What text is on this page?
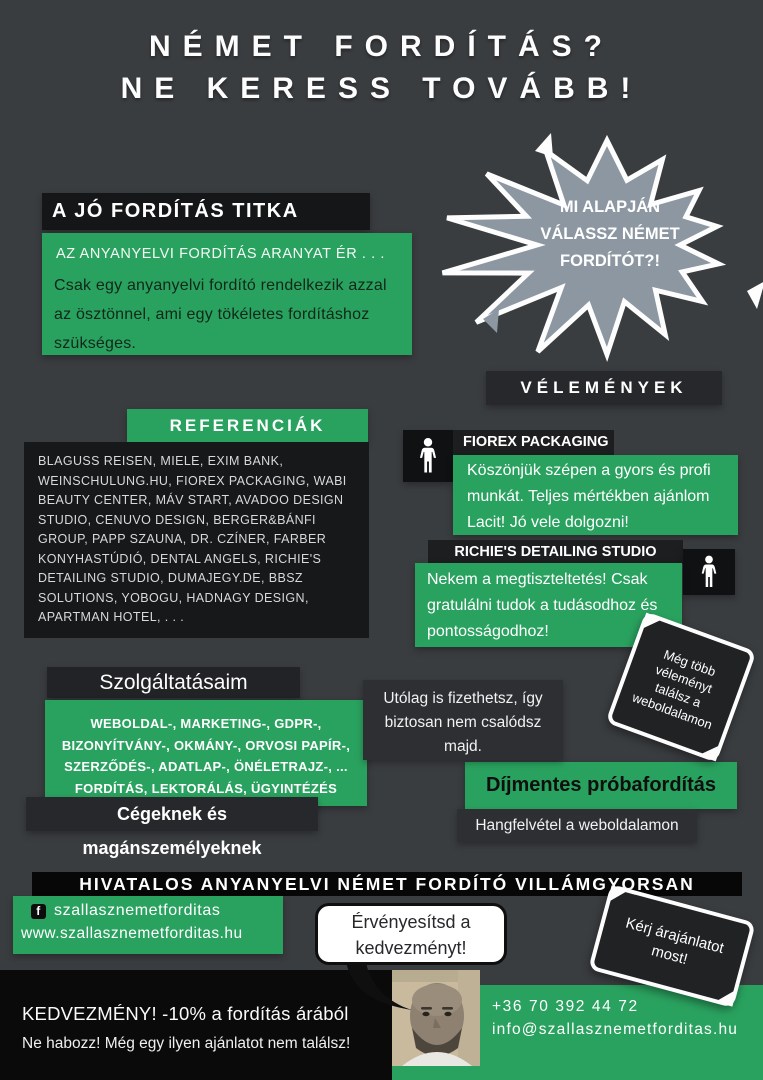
NÉMET FORDÍTÁS?
NE KERESS TOVÁBB!
A JÓ FORDÍTÁS TITKA
AZ ANYANYELVI FORDÍTÁS ARANYAT ÉR . . .
Csak egy anyanyelvi fordító rendelkezik azzal az ösztönnel, ami egy tökéletes fordításhoz szükséges.
MI ALAPJÁN
VÁLASSZ NÉMET
FORDÍTÓT?!
VÉLEMÉNYEK
FIOREX PACKAGING
Köszönjük szépen a gyors és profi munkát. Teljes mértékben ajánlom Lacit! Jó vele dolgozni!
RICHIE'S DETAILING STUDIO
Nekem a megtiszteltetés! Csak gratulálni tudok a tudásodhoz és pontosságodhoz!
Még több véleményt találsz a weboldalamon
REFERENCIÁK
BLAGUSS REISEN, MIELE, EXIM BANK, WEINSCHULUNG.HU, FIOREX PACKAGING, WABI BEAUTY CENTER, MÁV START, AVADOO DESIGN STUDIO, CENUVO DESIGN, BERGER&BÁNFI GROUP, PAPP SZAUNA, DR. CZÍNER, FARBER KONYHASTÚDIÓ, DENTAL ANGELS, RICHIE'S DETAILING STUDIO, DUMAJEGY.DE, BBSZ SOLUTIONS, YOBOGU, HADNAGY DESIGN, APARTMAN HOTEL, . . .
Szolgáltatásaim
WEBOLDAL-, MARKETING-, GDPR-,
BIZONYÍTVÁNY-, OKMÁNY-, ORVOSI PAPÍR-,
SZERZŐDÉS-, ADATLAP-, ÖNÉLETRAJZ-, ...
FORDÍTÁS, LEKTORÁLÁS, ÜGYINTÉZÉS
Cégeknek és magánszemélyeknek
Utólag is fizethetsz, így biztosan nem csalódsz majd.
Díjmentes próbafordítás
Hangfelvétel a weboldalamon
HIVATALOS ANYANYELVI NÉMET FORDÍTÓ VILLÁMGYORSAN
f szallasznemetforditas
www.szallasznemetforditas.hu
Érvényesítsd a kedvezményt!	Kérj árajánlatot most!
KEDVEZMÉNY! -10% a fordítás árából
Ne habozz! Még egy ilyen ajánlatot nem találsz!
+36 70 392 44 72
info@szallasznemetforditas.hu
